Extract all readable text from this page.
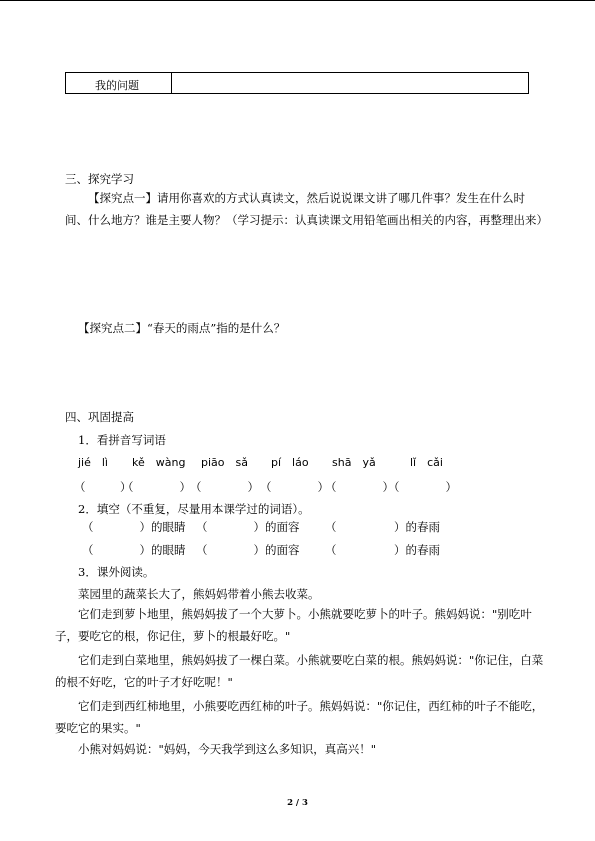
我的问题
三、探究学习
【探究点一】请用你喜欢的方式认真读文，然后说说课文讲了哪几件事？发生在什么时间、什么地方？谁是主要人物？（学习提示：认真读课文用铅笔画出相关的内容，再整理出来）
【探究点二】“春天的雨点”指的是什么？
四、巩固提高
1．看拼音写词语
jié　lì kě　wàng piāo　sǎ pí　láo shā　yǎ	lǐ　cǎi
（　　　）
（　　　　） （　　　　） （　　　　）
（　　　　）
（　　　　）
2．填空（不重复，尽量用本课学过的词语）。
（　　　　）的眼睛 （　　　　）的面容 （　　　　　）的春雨
（　　　　）的眼睛 （　　　　）的面容 （　　　　　）的春雨
3．课外阅读。
菜园里的蔬菜长大了，熊妈妈带着小熊去收菜。
它们走到萝卜地里，熊妈妈拔了一个大萝卜。小熊就要吃萝卜的叶子。熊妈妈说："别吃叶子，要吃它的根，你记住，萝卜的根最好吃。"
它们走到白菜地里，熊妈妈拔了一棵白菜。小熊就要吃白菜的根。熊妈妈说："你记住，白菜的根不好吃，它的叶子才好吃呢！"
它们走到西红柿地里，小熊要吃西红柿的叶子。熊妈妈说："你记住，西红柿的叶子不能吃，要吃它的果实。"
小熊对妈妈说："妈妈，今天我学到这么多知识，真高兴！"
2 / 3
